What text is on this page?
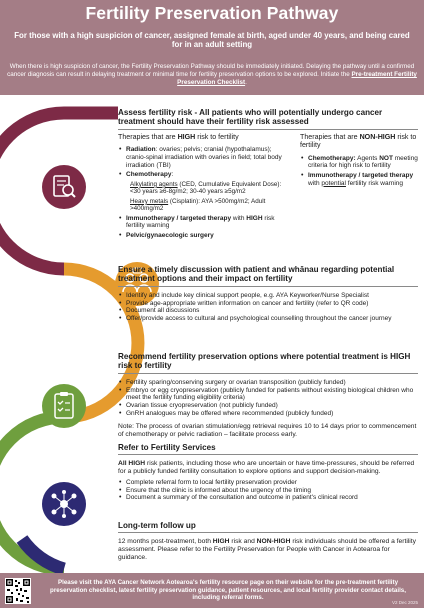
Fertility Preservation Pathway
For those with a high suspicion of cancer, assigned female at birth, aged under 40 years, and being cared for in an adult setting
When there is high suspicion of cancer, the Fertility Preservation Pathway should be immediately initiated. Delaying the pathway until a confirmed cancer diagnosis can result in delaying treatment or minimal time for fertility preservation options to be explored. Initiate the Pre-treatment Fertility Preservation Checklist.
Assess fertility risk - All patients who will potentially undergo cancer treatment should have their fertility risk assessed
Therapies that are HIGH risk to fertility
• Radiation: ovaries; pelvis; cranial (hypothalamus); cranio-spinal irradiation with ovaries in field; total body irradiation (TBI)
• Chemotherapy:

Alkylating agents (CED, Cumulative Equivalent Dose): <30 years ≥6-8g/m2; 30-40 years ≥5g/m2

Heavy metals (Cisplatin): AYA >500mg/m2; Adult >400mg/m2

• Immunotherapy / targeted therapy with HIGH risk fertility warning
• Pelvic/gynaecologic surgery
Therapies that are NON-HIGH risk to fertility
• Chemotherapy: Agents NOT meeting criteria for high risk to fertility
• Immunotherapy / targeted therapy with potential fertility risk warning
Ensure a timely discussion with patient and whānau regarding potential treatment options and their impact on fertility
• Identify and include key clinical support people, e.g. AYA Keyworker/Nurse Specialist
• Provide age-appropriate written information on cancer and fertility (refer to QR code)
• Document all discussions
• Offer/provide access to cultural and psychological counselling throughout the cancer journey
Recommend fertility preservation options where potential treatment is HIGH risk to fertility
• Fertility sparing/conserving surgery or ovarian transposition (publicly funded)
• Embryo or egg cryopreservation (publicly funded for patients without existing biological children who meet the fertility funding eligibility criteria)
• Ovarian tissue cryopreservation (not publicly funded)
• GnRH analogues may be offered where recommended (publicly funded)
Note: The process of ovarian stimulation/egg retrieval requires 10 to 14 days prior to commencement of chemotherapy or pelvic radiation – facilitate process early.
Refer to Fertility Services
All HIGH risk patients, including those who are uncertain or have time-pressures, should be referred for a publicly funded fertility consultation to explore options and support decision-making.
• Complete referral form to local fertility preservation provider
• Ensure that the clinic is informed about the urgency of the timing
• Document a summary of the consultation and outcome in patient's clinical record
Long-term follow up
12 months post-treatment, both HIGH risk and NON-HIGH risk individuals should be offered a fertility assessment. Please refer to the Fertility Preservation for People with Cancer in Aotearoa for guidance.
Please visit the AYA Cancer Network Aotearoa's fertility resource page on their website for the pre-treatment fertility preservation checklist, latest fertility preservation guidance, patient resources, and local fertility provider contact details, including referral forms.
V2 Dec 2025
